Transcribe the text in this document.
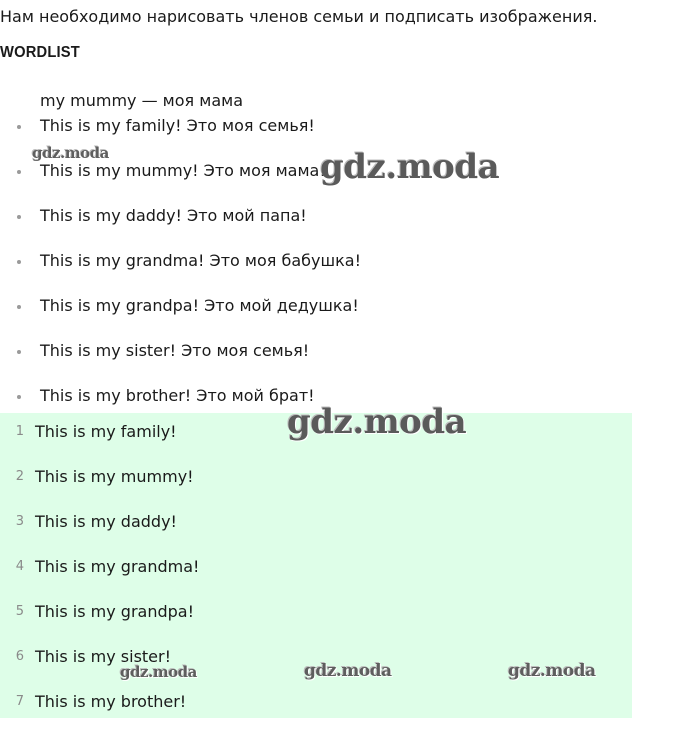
Нам необходимо нарисовать членов семьи и подписать изображения.
WORDLIST
my mummy — моя мама
This is my family! Это моя семья!
This is my mummy! Это моя мама!
This is my daddy! Это мой папа!
This is my grandma! Это моя бабушка!
This is my grandpa! Это мой дедушка!
This is my sister! Это моя семья!
This is my brother! Это мой брат!
1 This is my family!
2 This is my mummy!
3 This is my daddy!
4 This is my grandma!
5 This is my grandpa!
6 This is my sister!
7 This is my brother!
gdz.moda	gdz.moda
gdz.moda
gdz.moda	gdz.moda	gdz.moda
